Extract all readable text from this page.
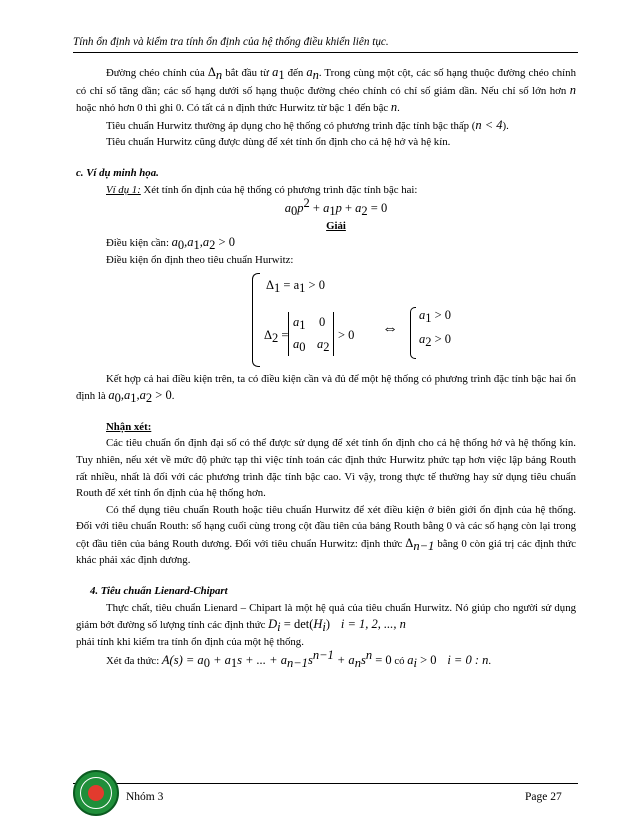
Tính ổn định và kiểm tra tính ổn định của hệ thống điều khiển liên tục.

Đường chéo chính của $\Delta_n$ bắt đầu từ $a_1$ đến $a_n$. Trong cùng một cột, các số hạng thuộc đường chéo chính có chỉ số tăng dần; các số hạng dưới số hạng thuộc đường chéo chính có chỉ số giảm dần. Nếu chỉ số lớn hơn n hoặc nhỏ hơn 0 thì ghi 0. Có tất cả n định thức Hurwitz từ bậc 1 đến bậc n.

Tiêu chuẩn Hurwitz thường áp dụng cho hệ thống có phương trình đặc tính bậc thấp (n < 4).

Tiêu chuẩn Hurwitz cũng được dùng để xét tính ổn định cho cả hệ hở và hệ kín.

c. Ví dụ minh họa.

Ví dụ 1: Xét tính ổn định của hệ thống có phương trình đặc tính bậc hai:

$a_0p^2 + a_1p + a_2 = 0$

Giải

Điều kiện cần: $a_0,a_1,a_2 > 0$

Điều kiện ổn định theo tiêu chuẩn Hurwitz:

$\Delta_1 = a_1 > 0$
$\Delta_2$ =
$a_1$ 0
$a_0$ $a_2$
> 0 ⇔
$a_1 > 0$
$a_2 > 0$

Kết hợp cả hai điều kiện trên, ta có điều kiện cần và đủ để một hệ thống có phương trình đặc tính bậc hai ổn định là $a_0,a_1,a_2 > 0$.

Nhận xét:

Các tiêu chuẩn ổn định đại số có thể được sử dụng để xét tính ổn định cho cả hệ thống hở và hệ thống kín. Tuy nhiên, nếu xét về mức độ phức tạp thì việc tính toán các định thức Hurwitz phức tạp hơn việc lập bảng Routh rất nhiều, nhất là đối với các phương trình đặc tính bậc cao. Vì vậy, trong thực tế thường hay sử dụng tiêu chuẩn Routh để xét tính ổn định của hệ thống hơn.

Có thể dụng tiêu chuẩn Routh hoặc tiêu chuẩn Hurwitz để xét điều kiện ở biên giới ổn định của hệ thống. Đối với tiêu chuẩn Routh: số hạng cuối cùng trong cột đầu tiên của bảng Routh bằng 0 và các số hạng còn lại trong cột đầu tiên của bảng Routh dương. Đối với tiêu chuẩn Hurwitz: định thức $\Delta_{n-1}$ bằng 0 còn giá trị các định thức khác phải xác định dương.

4. Tiêu chuẩn Lienard-Chipart

Thực chất, tiêu chuẩn Lienard – Chipart là một hệ quả của tiêu chuẩn Hurwitz. Nó giúp cho người sử dụng giảm bớt đường số lượng tính các định thức $D_i = \det(H_i) i = 1$, 2, ..., n

phải tính khi kiểm tra tính ổn định của một hệ thống.

Xét đa thức: $A(s) = a_0 + a_1s$ + ... + $a_{n-1}s^{n-1} + a_ns^n = 0$ có $a_i > 0$ i = 0 : n.

Nhóm 3	Page 27
